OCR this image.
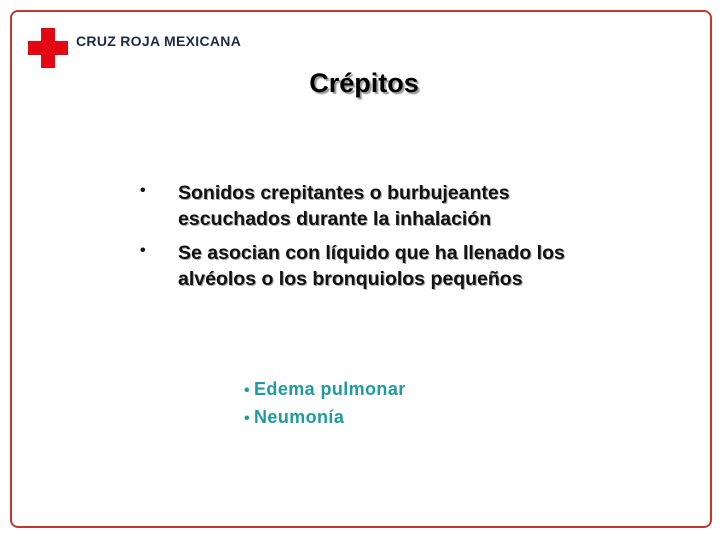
CRUZ ROJA MEXICANA
Crépitos
• Sonidos crepitantes o burbujeantes escuchados durante la inhalación
• Se asocian con líquido que ha llenado los alvéolos o los bronquiolos pequeños
• Edema pulmonar
• Neumonía
